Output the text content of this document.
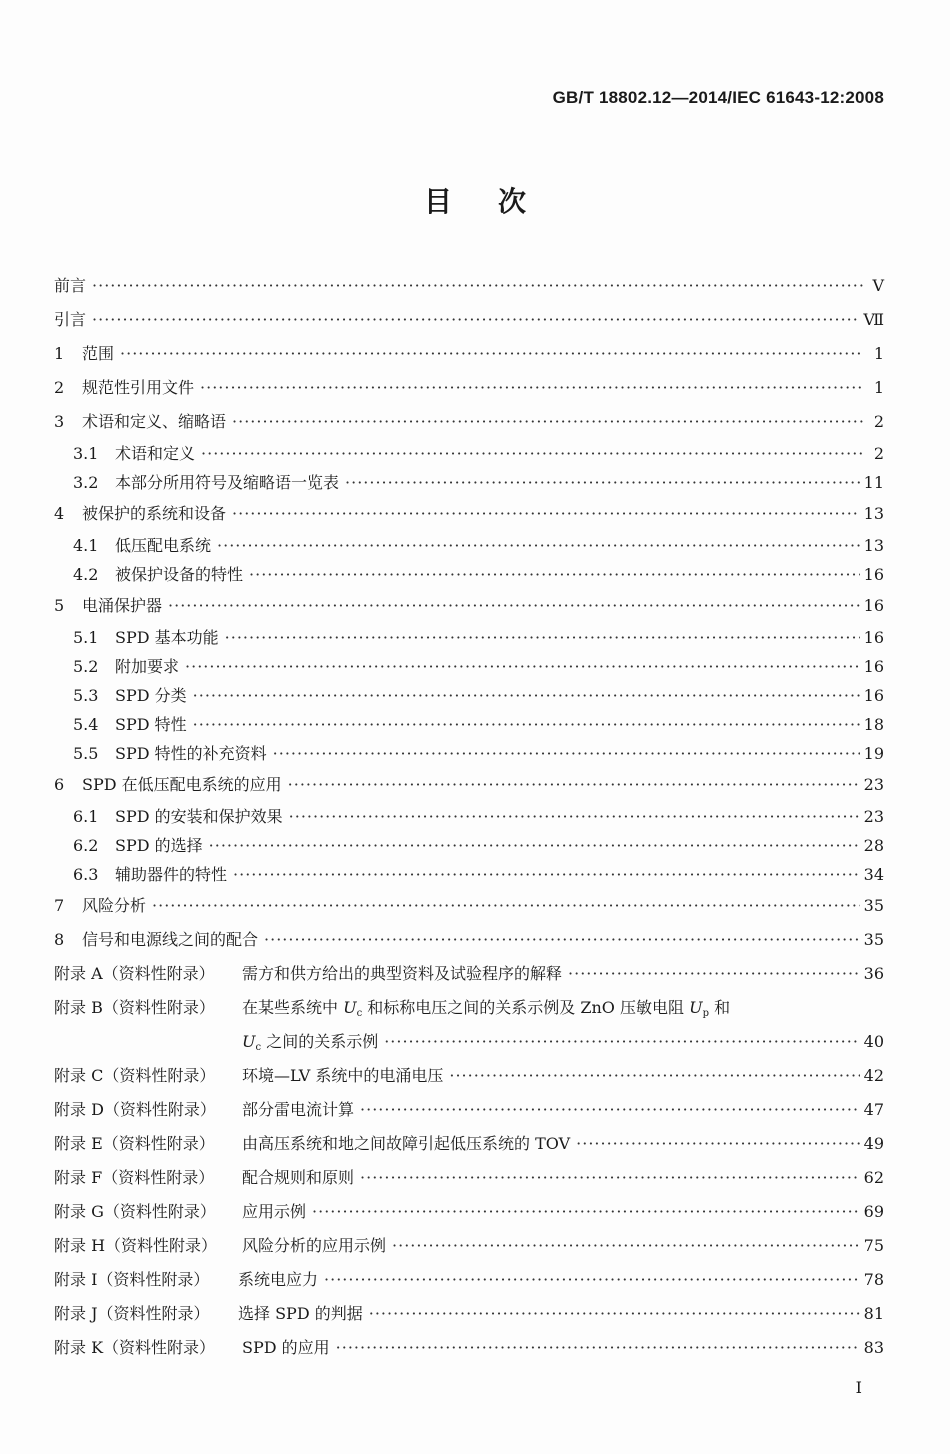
GB/T 18802.12—2014/IEC 61643-12:2008
目次
前言 ·····	Ⅴ
引言 ·····	Ⅶ
1	范围 ·····	1
2	规范性引用文件 ·····	1
3	术语和定义、缩略语 ·····	2
3.1	术语和定义 ·····	2
3.2	本部分所用符号及缩略语一览表 ·····	11
4	被保护的系统和设备 ·····	13
4.1	低压配电系统 ·····	13
4.2	被保护设备的特性 ·····	16
5	电涌保护器 ·····	16
5.1	SPD 基本功能 ·····	16
5.2	附加要求 ·····	16
5.3	SPD 分类 ·····	16
5.4	SPD 特性 ·····	18
5.5	SPD 特性的补充资料 ·····	19
6	SPD 在低压配电系统的应用 ·····	23
6.1	SPD 的安装和保护效果 ·····	23
6.2	SPD 的选择 ·····	28
6.3	辅助器件的特性 ·····	34
7	风险分析 ·····	35
8	信号和电源线之间的配合 ·····	35
附录 A（资料性附录）	需方和供方给出的典型资料及试验程序的解释 ·····	36
附录 B（资料性附录）	在某些系统中 $U_c$ 和标称电压之间的关系示例及 ZnO 压敏电阻 $U_p$ 和
$U_c$ 之间的关系示例 ·····	40
附录 C（资料性附录）	环境—LV 系统中的电涌电压 ·····	42
附录 D（资料性附录）	部分雷电流计算 ·····	47
附录 E（资料性附录）	由高压系统和地之间故障引起低压系统的 TOV ·····	49
附录 F（资料性附录）	配合规则和原则 ·····	62
附录 G（资料性附录）	应用示例 ·····	69
附录 H（资料性附录）	风险分析的应用示例 ·····	75
附录 I（资料性附录）	系统电应力 ·····	78
附录 J（资料性附录）	选择 SPD 的判据 ·····	81
附录 K（资料性附录）	SPD 的应用 ·····	83
I
